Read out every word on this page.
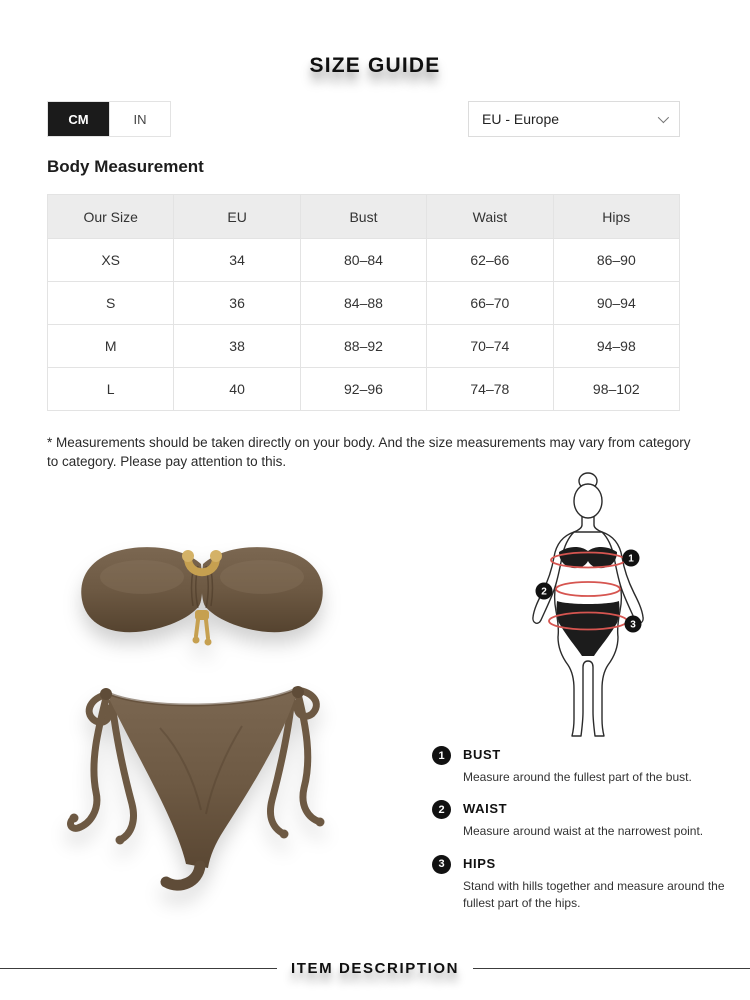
SIZE GUIDE
CM	IN	EU - Europe
Body Measurement
Our Size	EU	Bust	Waist	Hips
XS	34	80–84	62–66	86–90
S	36	84–88	66–70	90–94
M	38	88–92	70–74	94–98
L	40	92–96	74–78	98–102
* Measurements should be taken directly on your body. And the size measurements may vary from category to category. Please pay attention to this.
1
2
3
1	BUST
Measure around the fullest part of the bust.
2	WAIST
Measure around waist at the narrowest point.
3	HIPS
Stand with hills together and measure around the fullest part of the hips.
ITEM DESCRIPTION
